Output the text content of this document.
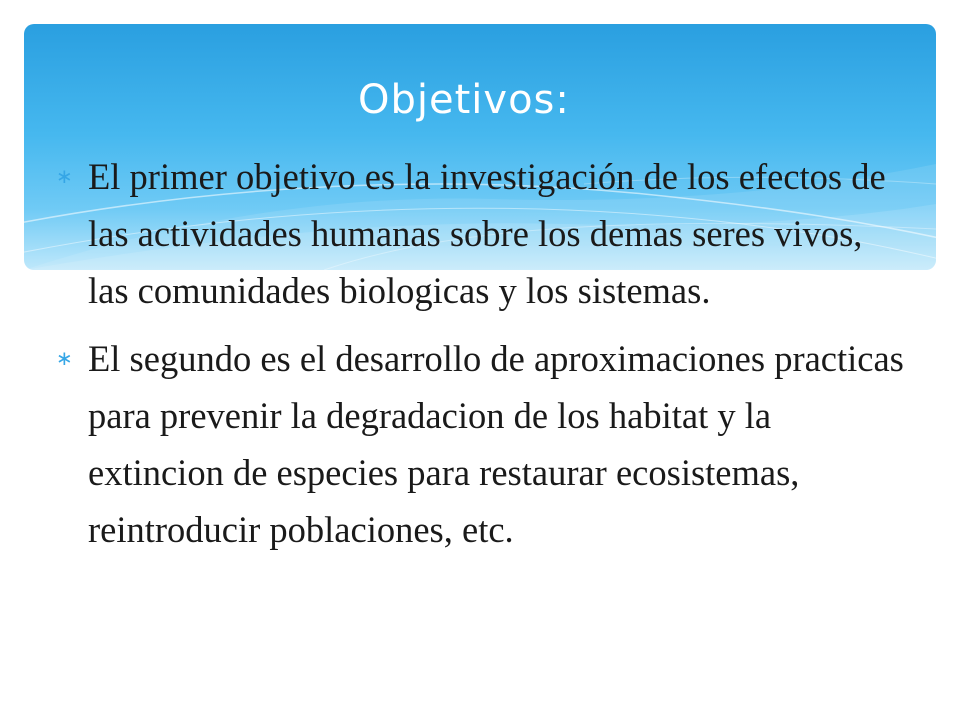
Objetivos:
∗ El primer objetivo es la investigación de los efectos de las actividades humanas sobre los demas seres vivos, las comunidades biologicas y los sistemas.
∗ El segundo es el desarrollo de aproximaciones practicas para prevenir la degradacion de los habitat y la extincion de especies para restaurar ecosistemas, reintroducir poblaciones, etc.
